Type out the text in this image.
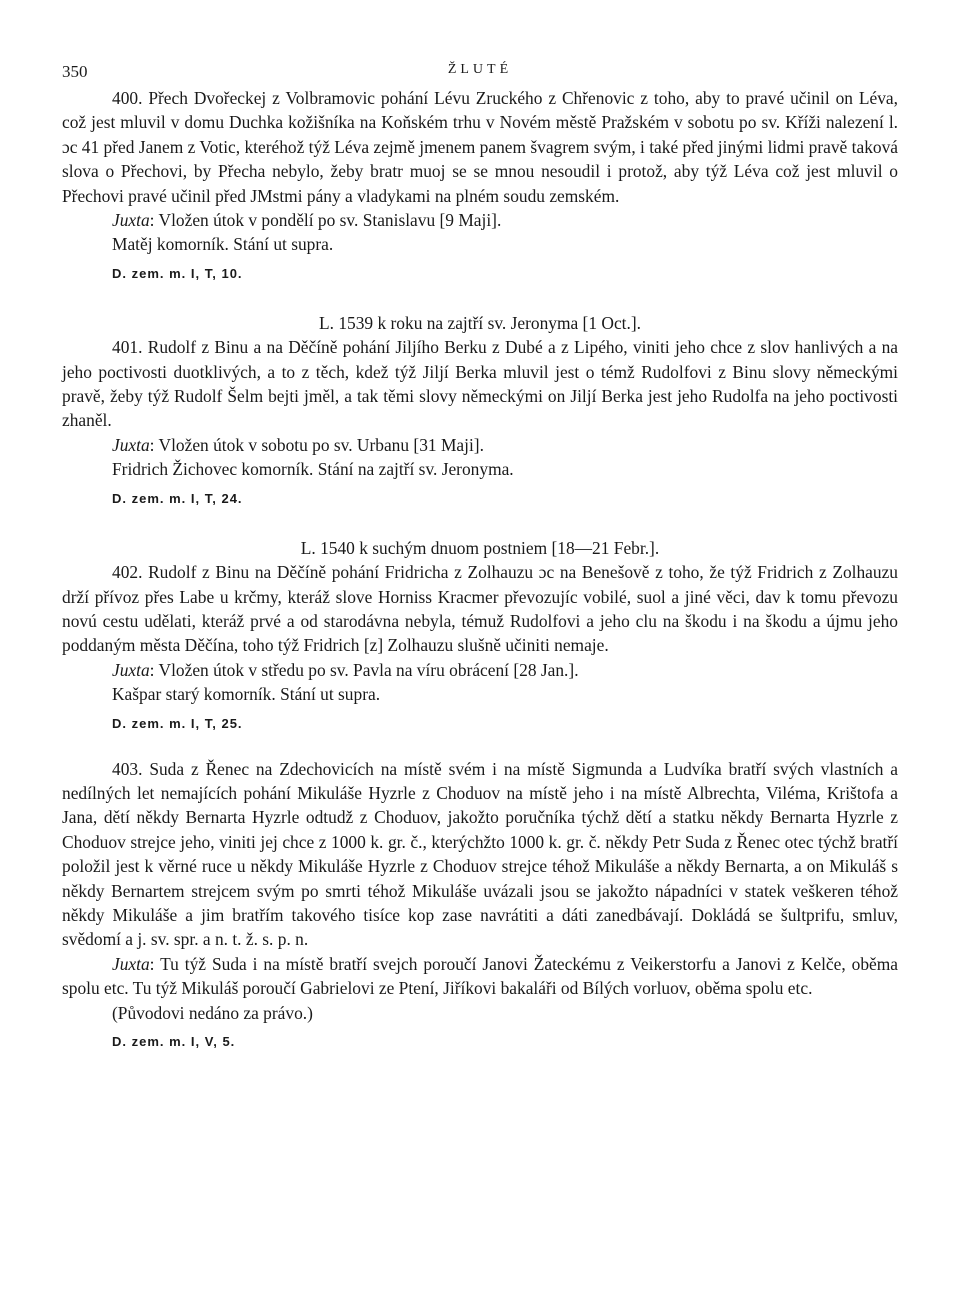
350	ŽLUTÉ

400. Přech Dvořeckej z Volbramovic pohání Lévu Zruckého z Chřenovic z toho, aby to pravé učinil on Léva, což jest mluvil v domu Duchka kožišníka na Koňském trhu v Novém městě Pražském v sobotu po sv. Kříži nalezení l. ɔc 41 před Janem z Votic, kteréhož týž Léva zejmě jmenem panem švagrem svým, i také před jinými lidmi pravě taková slova o Přechovi, by Přecha nebylo, žeby bratr muoj se se mnou nesoudil i protož, aby týž Léva což jest mluvil o Přechovi pravé učinil před JMstmi pány a vladykami na plném soudu zemském.

Juxta: Vložen útok v pondělí po sv. Stanislavu [9 Maji].

Matěj komorník. Stání ut supra.

D. zem. m. I, T, 10.

L. 1539 k roku na zajtří sv. Jeronyma [1 Oct.].

401. Rudolf z Binu a na Děčíně pohání Jiljího Berku z Dubé a z Lipého, viniti jeho chce z slov hanlivých a na jeho poctivosti duotklivých, a to z těch, kdež týž Jiljí Berka mluvil jest o témž Rudolfovi z Binu slovy německými pravě, žeby týž Rudolf Šelm bejti jměl, a tak těmi slovy německými on Jiljí Berka jest jeho Rudolfa na jeho poctivosti zhaněl.

Juxta: Vložen útok v sobotu po sv. Urbanu [31 Maji].

Fridrich Žichovec komorník. Stání na zajtří sv. Jeronyma.

D. zem. m. I, T, 24.

L. 1540 k suchým dnuom postniem [18—21 Febr.].

402. Rudolf z Binu na Děčíně pohání Fridricha z Zolhauzu ɔc na Benešově z toho, že týž Fridrich z Zolhauzu drží přívoz přes Labe u krčmy, kteráž slove Horniss Kracmer převozujíc vobilé, suol a jiné věci, dav k tomu převozu novú cestu udělati, kteráž prvé a od starodávna nebyla, témuž Rudolfovi a jeho clu na škodu i na škodu a újmu jeho poddaným města Děčína, toho týž Fridrich [z] Zolhauzu slušně učiniti nemaje.

Juxta: Vložen útok v středu po sv. Pavla na víru obrácení [28 Jan.].

Kašpar starý komorník. Stání ut supra.

D. zem. m. I, T, 25.

403. Suda z Řenec na Zdechovicích na místě svém i na místě Sigmunda a Ludvíka bratří svých vlastních a nedílných let nemajících pohání Mikuláše Hyzrle z Choduov na místě jeho i na místě Albrechta, Viléma, Krištofa a Jana, dětí někdy Bernarta Hyzrle odtudž z Choduov, jakožto poručníka týchž dětí a statku někdy Bernarta Hyzrle z Choduov strejce jeho, viniti jej chce z 1000 k. gr. č., kterýchžto 1000 k. gr. č. někdy Petr Suda z Řenec otec týchž bratří položil jest k věrné ruce u někdy Mikuláše Hyzrle z Choduov strejce téhož Mikuláše a někdy Bernarta, a on Mikuláš s někdy Bernartem strejcem svým po smrti téhož Mikuláše uvázali jsou se jakožto nápadníci v statek veškeren téhož někdy Mikuláše a jim bratřím takového tisíce kop zase navrátiti a dáti zanedbávají. Dokládá se šultprifu, smluv, svědomí a j. sv. spr. a n. t. ž. s. p. n.

Juxta: Tu týž Suda i na místě bratří svejch poroučí Janovi Žateckému z Veikerstorfu a Janovi z Kelče, oběma spolu etc. Tu týž Mikuláš poroučí Gabrielovi ze Ptení, Jiříkovi bakaláři od Bílých vorluov, oběma spolu etc.

(Původovi nedáno za právo.)

D. zem. m. I, V, 5.
